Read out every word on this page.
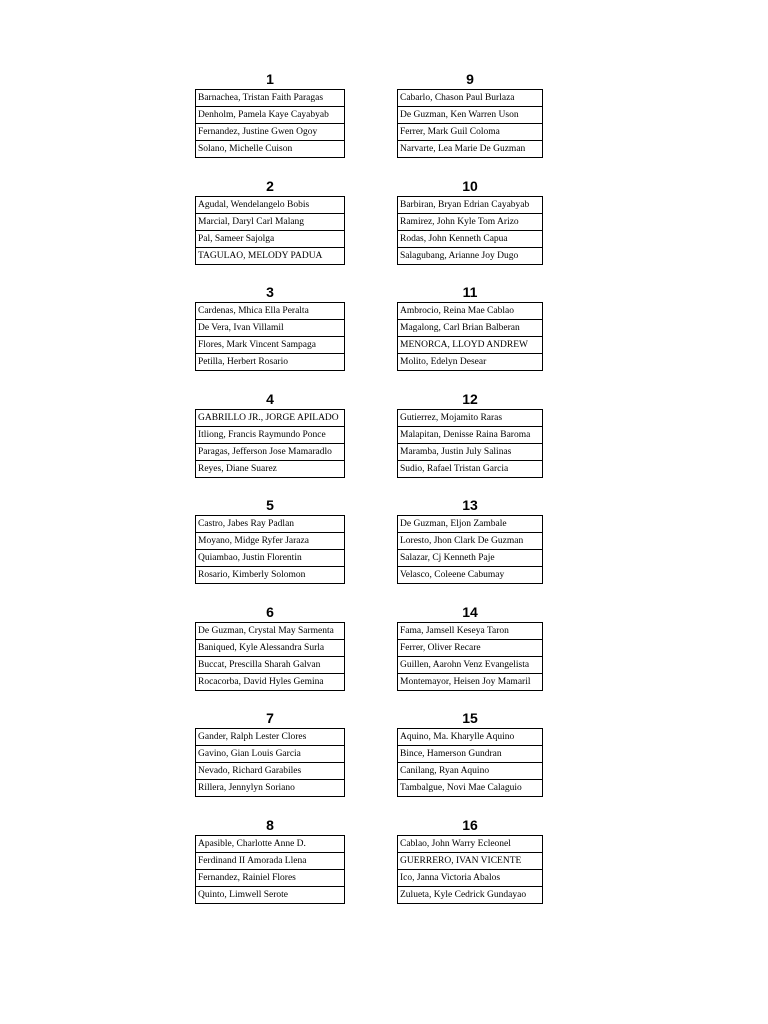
1
Barnachea, Tristan Faith Paragas
Denholm, Pamela Kaye Cayabyab
Fernandez, Justine Gwen Ogoy
Solano, Michelle Cuison
2
Agudal, Wendelangelo Bobis
Marcial, Daryl Carl Malang
Pal, Sameer Sajolga
TAGULAO, MELODY PADUA
3
Cardenas, Mhica Ella Peralta
De Vera, Ivan Villamil
Flores, Mark Vincent Sampaga
Petilla, Herbert Rosario
4
GABRILLO JR., JORGE APILADO
Itliong, Francis Raymundo Ponce
Paragas, Jefferson Jose Mamaradlo
Reyes, Diane Suarez
5
Castro, Jabes Ray Padlan
Moyano, Midge Ryfer Jaraza
Quiambao, Justin Florentin
Rosario, Kimberly Solomon
6
De Guzman, Crystal May Sarmenta
Baniqued, Kyle Alessandra Surla
Buccat, Prescilla Sharah Galvan
Rocacorba, David Hyles Gemina
7
Gander, Ralph Lester Clores
Gavino, Gian Louis Garcia
Nevado, Richard Garabiles
Rillera, Jennylyn Soriano
8
Apasible, Charlotte Anne D.
Ferdinand II Amorada Llena
Fernandez, Rainiel Flores
Quinto, Limwell Serote
9
Cabarlo, Chason Paul Burlaza
De Guzman, Ken Warren Uson
Ferrer, Mark Guil Coloma
Narvarte, Lea Marie De Guzman
10
Barbiran, Bryan Edrian Cayabyab
Ramirez, John Kyle Tom Arizo
Rodas, John Kenneth Capua
Salagubang, Arianne Joy Dugo
11
Ambrocio, Reina Mae Cablao
Magalong, Carl Brian Balberan
MENORCA, LLOYD ANDREW
Molito, Edelyn Desear
12
Gutierrez, Mojamito Raras
Malapitan, Denisse Raina Baroma
Maramba, Justin July Salinas
Sudio, Rafael Tristan Garcia
13
De Guzman, Eljon Zambale
Loresto, Jhon Clark De Guzman
Salazar, Cj Kenneth Paje
Velasco, Coleene Cabumay
14
Fama, Jamsell Keseya Taron
Ferrer, Oliver Recare
Guillen, Aarohn Venz Evangelista
Montemayor, Heisen Joy Mamaril
15
Aquino, Ma. Kharylle Aquino
Bince, Hamerson Gundran
Canilang, Ryan Aquino
Tambalgue, Novi Mae Calaguio
16
Cablao, John Warry Ecleonel
GUERRERO, IVAN VICENTE
Ico, Janna Victoria Abalos
Zulueta, Kyle Cedrick Gundayao
